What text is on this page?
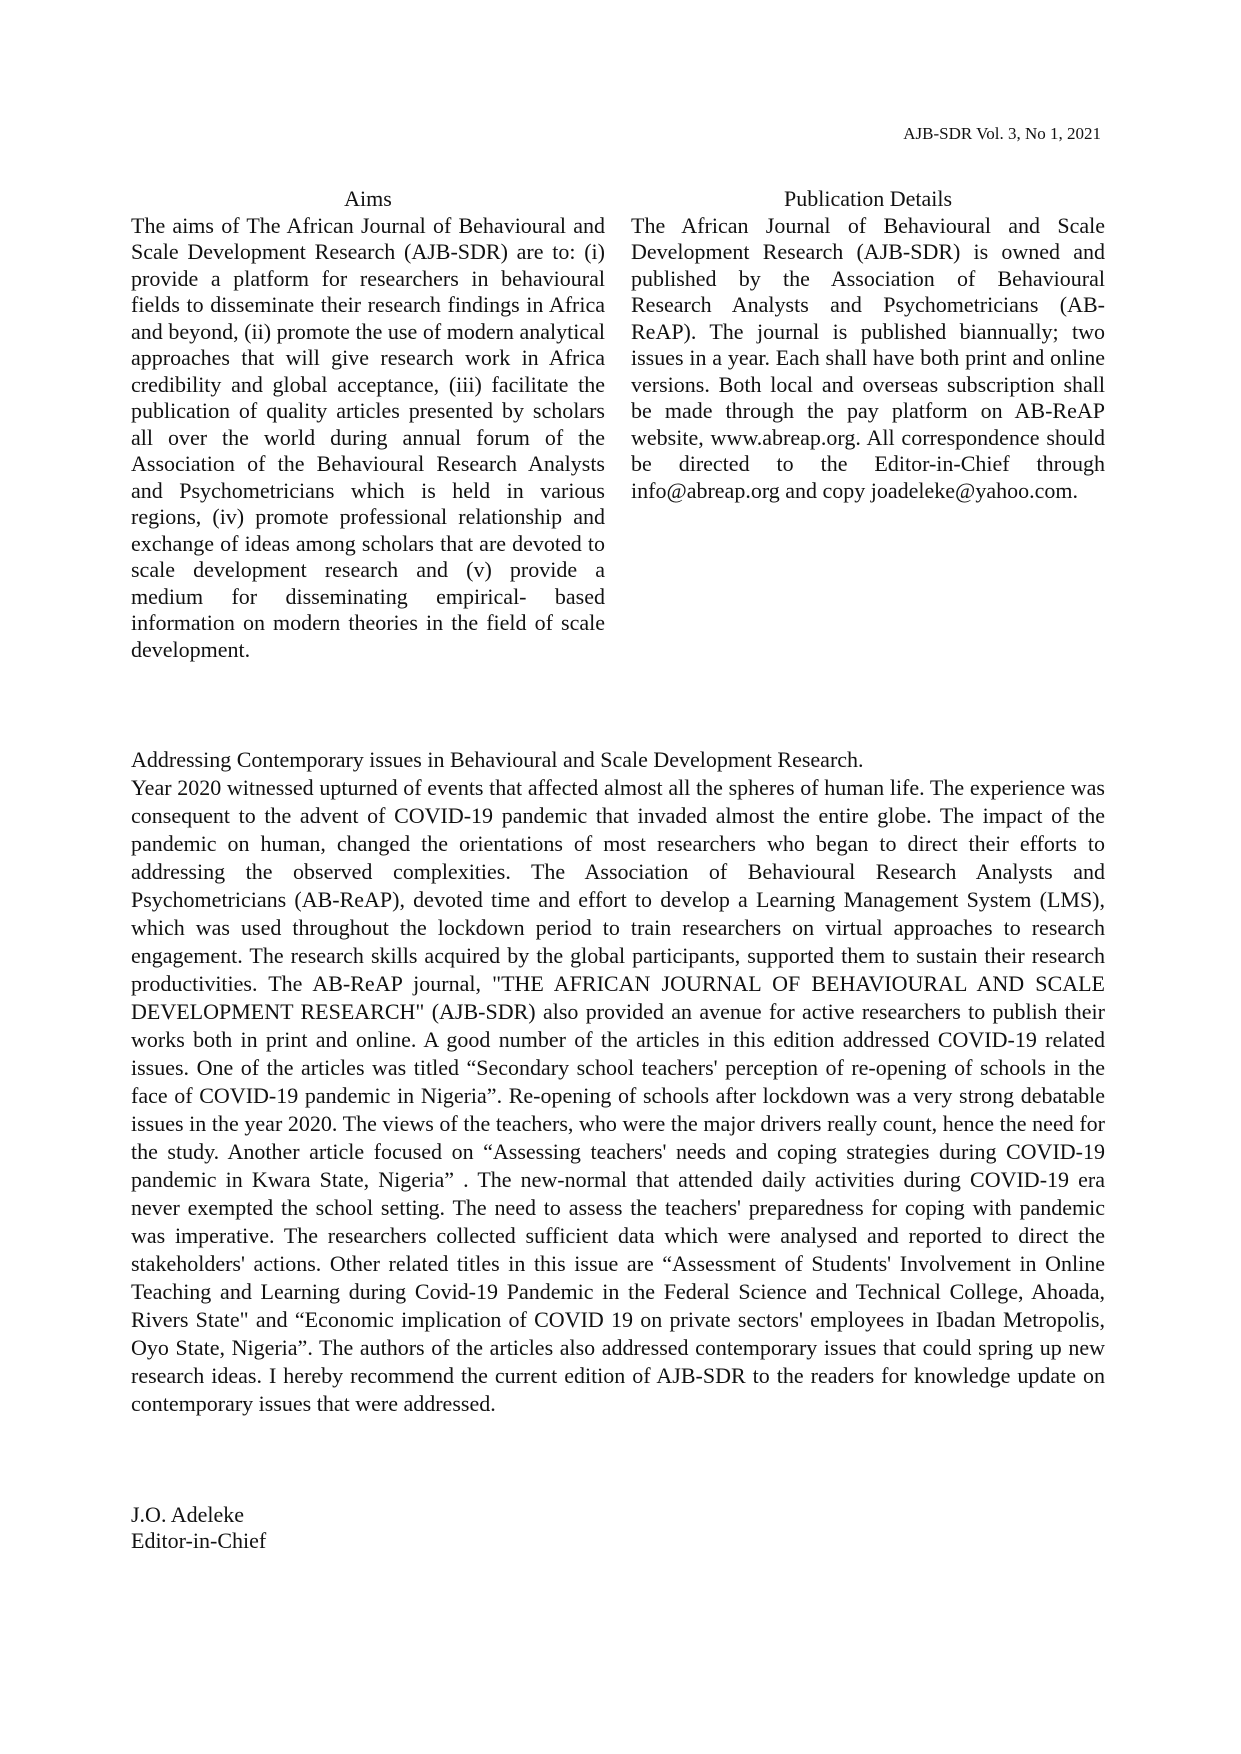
AJB-SDR Vol. 3, No 1, 2021
Aims

The aims of The African Journal of Behavioural and Scale Development Research (AJB-SDR) are to: (i) provide a platform for researchers in behavioural fields to disseminate their research findings in Africa and beyond, (ii) promote the use of modern analytical approaches that will give research work in Africa credibility and global acceptance, (iii) facilitate the publication of quality articles presented by scholars all over the world during annual forum of the Association of the Behavioural Research Analysts and Psychometricians which is held in various regions, (iv) promote professional relationship and exchange of ideas among scholars that are devoted to scale development research and (v) provide a medium for disseminating empirical- based information on modern theories in the field of scale development.

Publication Details

The African Journal of Behavioural and Scale Development Research (AJB-SDR) is owned and published by the Association of Behavioural Research Analysts and Psychometricians (AB-ReAP). The journal is published biannually; two issues in a year. Each shall have both print and online versions. Both local and overseas subscription shall be made through the pay platform on AB-ReAP website, www.abreap.org. All correspondence should be directed to the Editor-in-Chief through info@abreap.org and copy joadeleke@yahoo.com.

Addressing Contemporary issues in Behavioural and Scale Development Research.

Year 2020 witnessed upturned of events that affected almost all the spheres of human life. The experience was consequent to the advent of COVID-19 pandemic that invaded almost the entire globe. The impact of the pandemic on human, changed the orientations of most researchers who began to direct their efforts to addressing the observed complexities. The Association of Behavioural Research Analysts and Psychometricians (AB-ReAP), devoted time and effort to develop a Learning Management System (LMS), which was used throughout the lockdown period to train researchers on virtual approaches to research engagement. The research skills acquired by the global participants, supported them to sustain their research productivities. The AB-ReAP journal, "THE AFRICAN JOURNAL OF BEHAVIOURAL AND SCALE DEVELOPMENT RESEARCH" (AJB-SDR) also provided an avenue for active researchers to publish their works both in print and online. A good number of the articles in this edition addressed COVID-19 related issues. One of the articles was titled “Secondary school teachers' perception of re-opening of schools in the face of COVID-19 pandemic in Nigeria”. Re-opening of schools after lockdown was a very strong debatable issues in the year 2020. The views of the teachers, who were the major drivers really count, hence the need for the study. Another article focused on “Assessing teachers' needs and coping strategies during COVID-19 pandemic in Kwara State, Nigeria” . The new-normal that attended daily activities during COVID-19 era never exempted the school setting. The need to assess the teachers' preparedness for coping with pandemic was imperative. The researchers collected sufficient data which were analysed and reported to direct the stakeholders' actions. Other related titles in this issue are “Assessment of Students' Involvement in Online Teaching and Learning during Covid-19 Pandemic in the Federal Science and Technical College, Ahoada, Rivers State" and “Economic implication of COVID 19 on private sectors' employees in Ibadan Metropolis, Oyo State, Nigeria”. The authors of the articles also addressed contemporary issues that could spring up new research ideas. I hereby recommend the current edition of AJB-SDR to the readers for knowledge update on contemporary issues that were addressed.

J.O. Adeleke
Editor-in-Chief
